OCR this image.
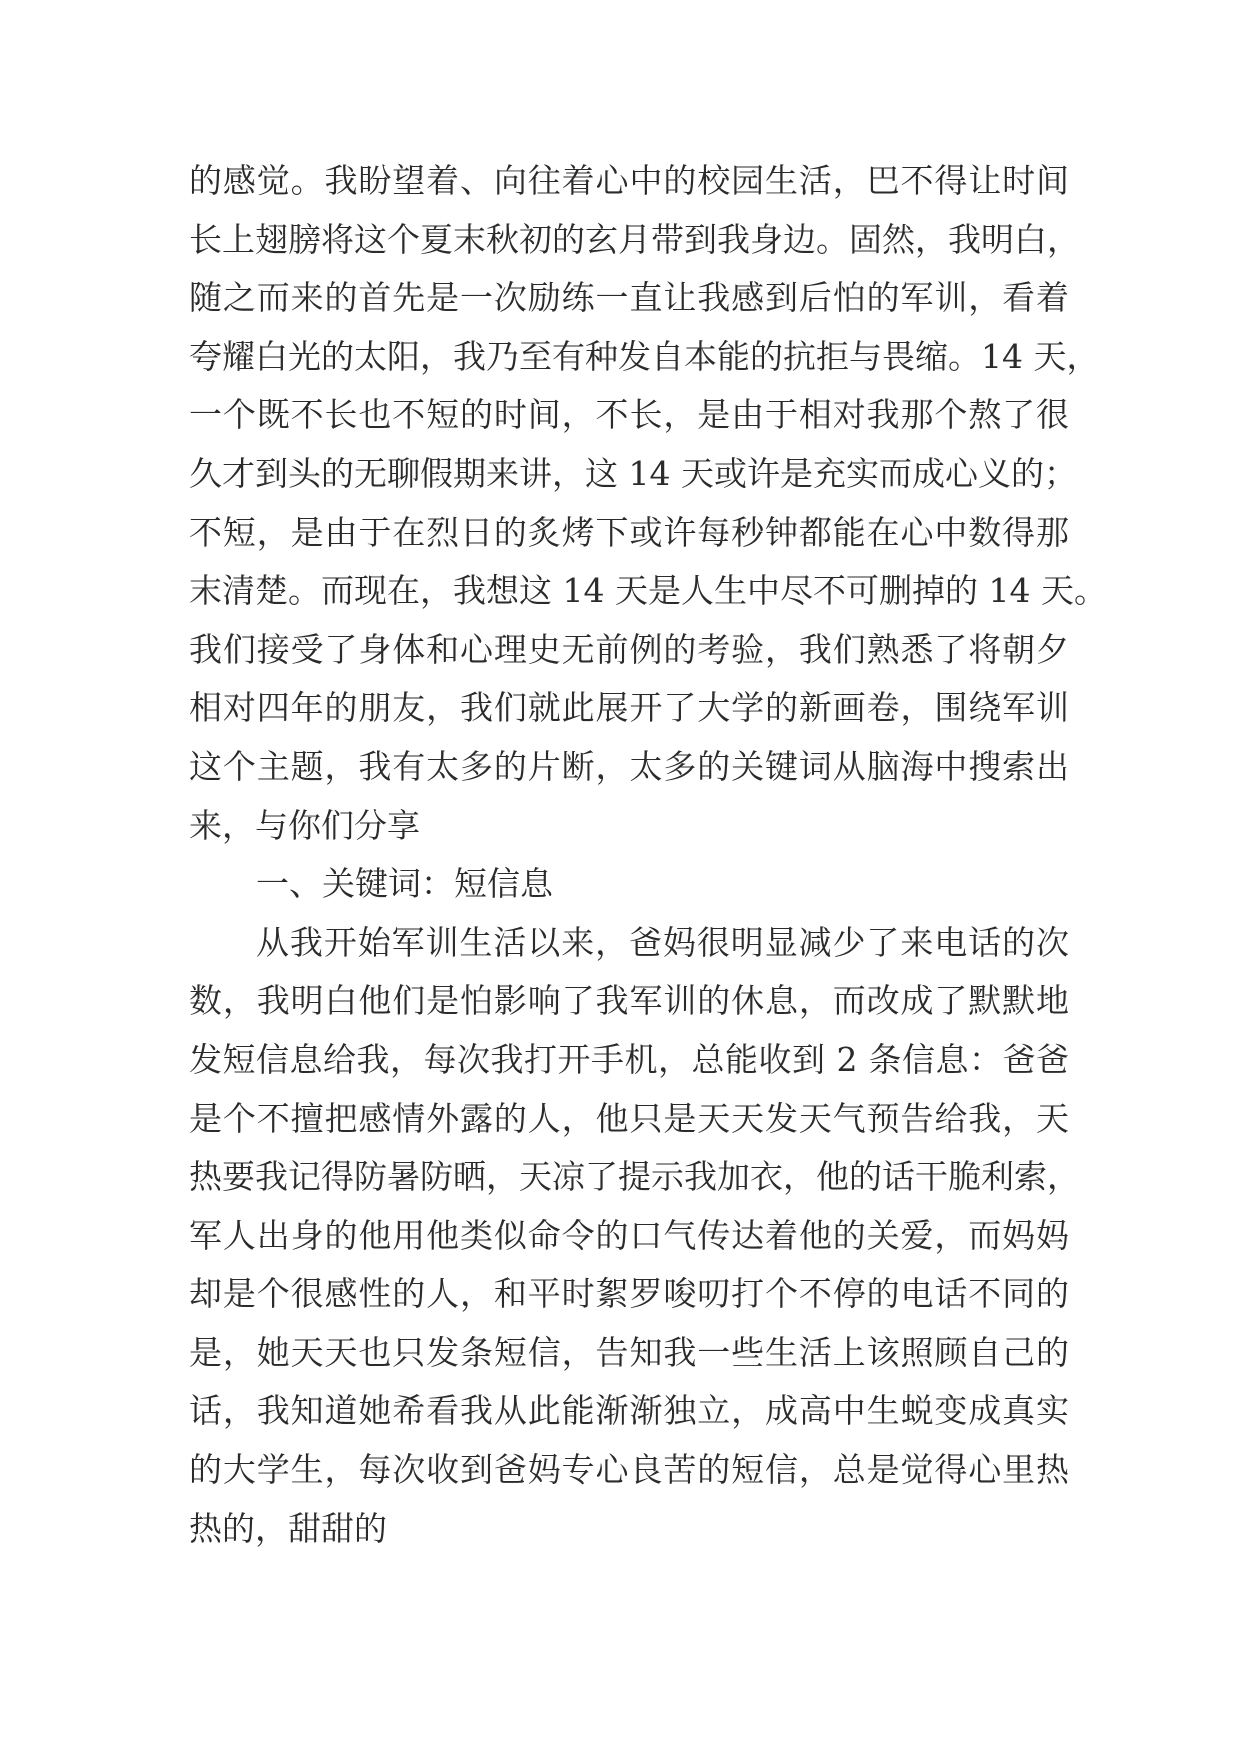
的感觉。我盼望着、向往着心中的校园生活，巴不得让时间
长上翅膀将这个夏末秋初的玄月带到我身边。固然，我明白，
随之而来的首先是一次励练一直让我感到后怕的军训，看着
夸耀白光的太阳，我乃至有种发自本能的抗拒与畏缩。14 天，
一个既不长也不短的时间，不长，是由于相对我那个熬了很
久才到头的无聊假期来讲，这 14 天或许是充实而成心义的；
不短，是由于在烈日的炙烤下或许每秒钟都能在心中数得那
末清楚。而现在，我想这 14 天是人生中尽不可删掉的 14 天。
我们接受了身体和心理史无前例的考验，我们熟悉了将朝夕
相对四年的朋友，我们就此展开了大学的新画卷，围绕军训
这个主题，我有太多的片断，太多的关键词从脑海中搜索出
来，与你们分享
一、关键词：短信息
从我开始军训生活以来，爸妈很明显减少了来电话的次
数，我明白他们是怕影响了我军训的休息，而改成了默默地
发短信息给我，每次我打开手机，总能收到 2 条信息：爸爸
是个不擅把感情外露的人，他只是天天发天气预告给我，天
热要我记得防暑防晒，天凉了提示我加衣，他的话干脆利索，
军人出身的他用他类似命令的口气传达着他的关爱，而妈妈
却是个很感性的人，和平时絮罗唆叨打个不停的电话不同的
是，她天天也只发条短信，告知我一些生活上该照顾自己的
话，我知道她希看我从此能渐渐独立，成高中生蜕变成真实
的大学生，每次收到爸妈专心良苦的短信，总是觉得心里热
热的，甜甜的
